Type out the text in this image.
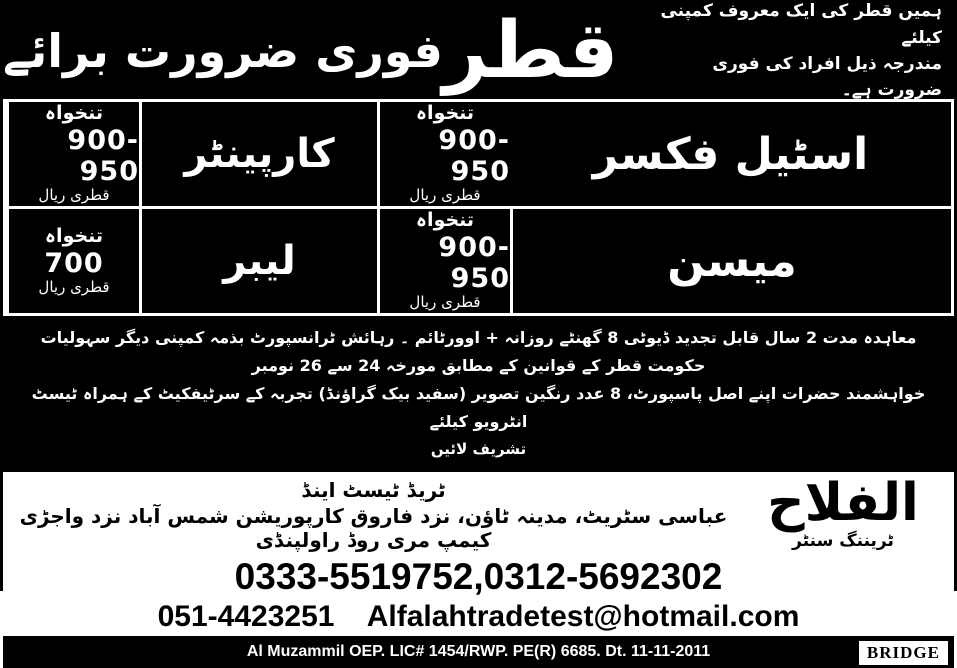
ہمیں قطر کی ایک معروف کمپنی کیلئے
مندرجہ ذیل افراد کی فوری ضرورت ہے۔
قطر
فوری ضرورت برائے
تنخواہ
900-950
قطری ریال
کارپینٹر
تنخواہ
900-950
قطری ریال
اسٹیل فکسر
تنخواہ
700
قطری ریال
لیبر
تنخواہ
900-950
قطری ریال
میسن
معاہدہ مدت 2 سال قابل تجدید ڈیوٹی 8 گھنٹے روزانہ + اوورٹائم ۔ رہائش ٹرانسپورٹ بذمہ کمپنی دیگر سہولیات حکومت قطر کے قوانین کے مطابق مورخہ 24 سے 26 نومبر
خواہشمند حضرات اپنے اصل پاسپورٹ، 8 عدد رنگین تصویر (سفید بیک گراؤنڈ) تجربہ کے سرٹیفکیٹ کے ہمراہ ٹیسٹ انٹرویو کیلئے
تشریف لائیں
الفلاح
ٹریننگ سنٹر
ٹریڈ ٹیسٹ اینڈ
عباسی سٹریٹ، مدینہ ٹاؤن، نزد فاروق کارپوریشن شمس آباد نزد واجڑی کیمپ مری روڈ راولپنڈی
0333-5519752,0312-5692302
051-4423251 Alfalahtradetest@hotmail.com
Al Muzammil OEP. LIC# 1454/RWP. PE(R) 6685. Dt. 11-11-2011	BRIDGE
